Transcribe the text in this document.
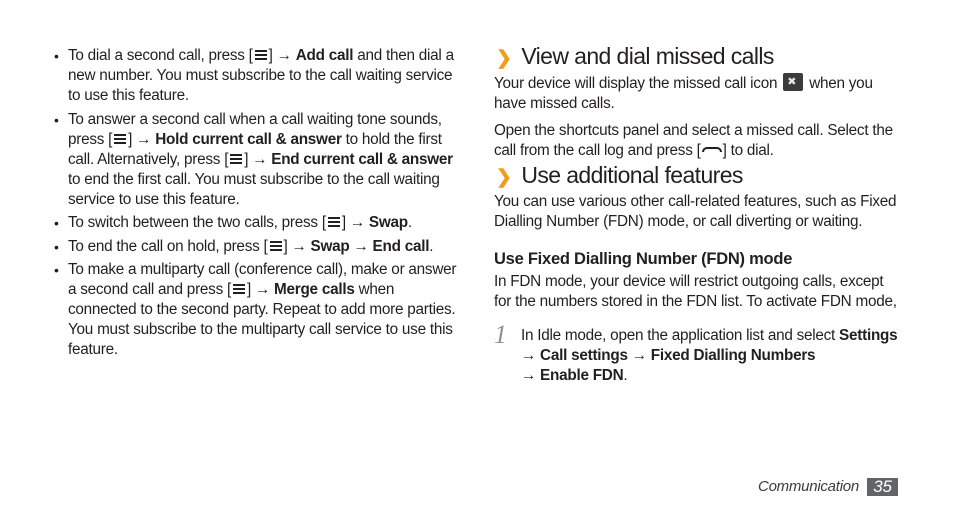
• To dial a second call, press [ ] → Add call and then dial a new number. You must subscribe to the call waiting service to use this feature.
• To answer a second call when a call waiting tone sounds, press [ ] → Hold current call & answer to hold the first call. Alternatively, press [ ] → End current call & answer to end the first call. You must subscribe to the call waiting service to use this feature.
• To switch between the two calls, press [ ] → Swap.
• To end the call on hold, press [ ] → Swap → End call.
• To make a multiparty call (conference call), make or answer a second call and press [ ] → Merge calls when connected to the second party. Repeat to add more parties. You must subscribe to the multiparty call service to use this feature.
❯ View and dial missed calls

Your device will display the missed call icon ✖ when you have missed calls.

Open the shortcuts panel and select a missed call. Select the call from the call log and press [ ] to dial.

❯ Use additional features

You can use various other call-related features, such as Fixed Dialling Number (FDN) mode, or call diverting or waiting.

Use Fixed Dialling Number (FDN) mode

In FDN mode, your device will restrict outgoing calls, except for the numbers stored in the FDN list. To activate FDN mode,

1 In Idle mode, open the application list and select Settings → Call settings → Fixed Dialling Numbers
→ Enable FDN.
Communication 35
